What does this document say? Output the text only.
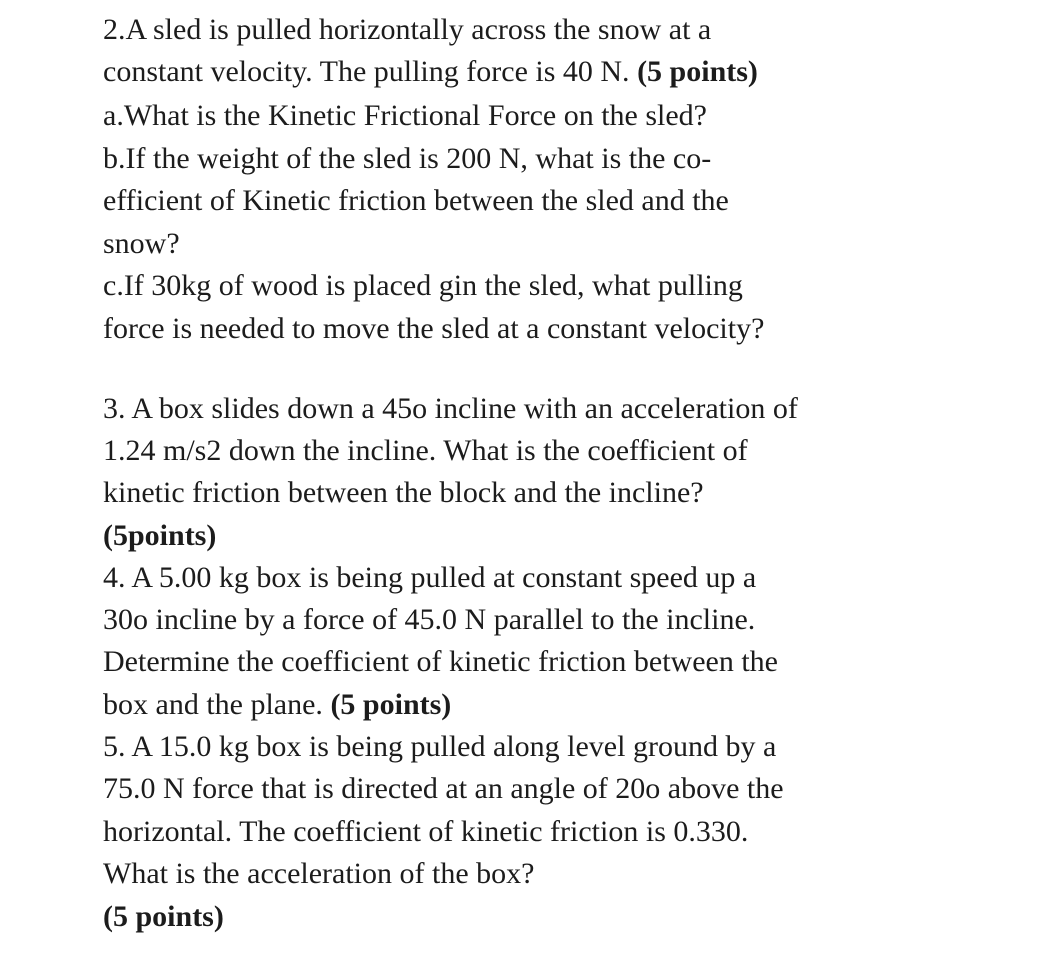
2.A sled is pulled horizontally across the snow at a
constant velocity. The pulling force is 40 N. (5 points)
a.What is the Kinetic Frictional Force on the sled?
b.If the weight of the sled is 200 N, what is the co-
efficient of Kinetic friction between the sled and the
snow?
c.If 30kg of wood is placed gin the sled, what pulling
force is needed to move the sled at a constant velocity?
3. A box slides down a 45o incline with an acceleration of
1.24 m/s2 down the incline. What is the coefficient of
kinetic friction between the block and the incline?
(5points)
4. A 5.00 kg box is being pulled at constant speed up a
30o incline by a force of 45.0 N parallel to the incline.
Determine the coefficient of kinetic friction between the
box and the plane. (5 points)
5. A 15.0 kg box is being pulled along level ground by a
75.0 N force that is directed at an angle of 20o above the
horizontal. The coefficient of kinetic friction is 0.330.
What is the acceleration of the box?
(5 points)
